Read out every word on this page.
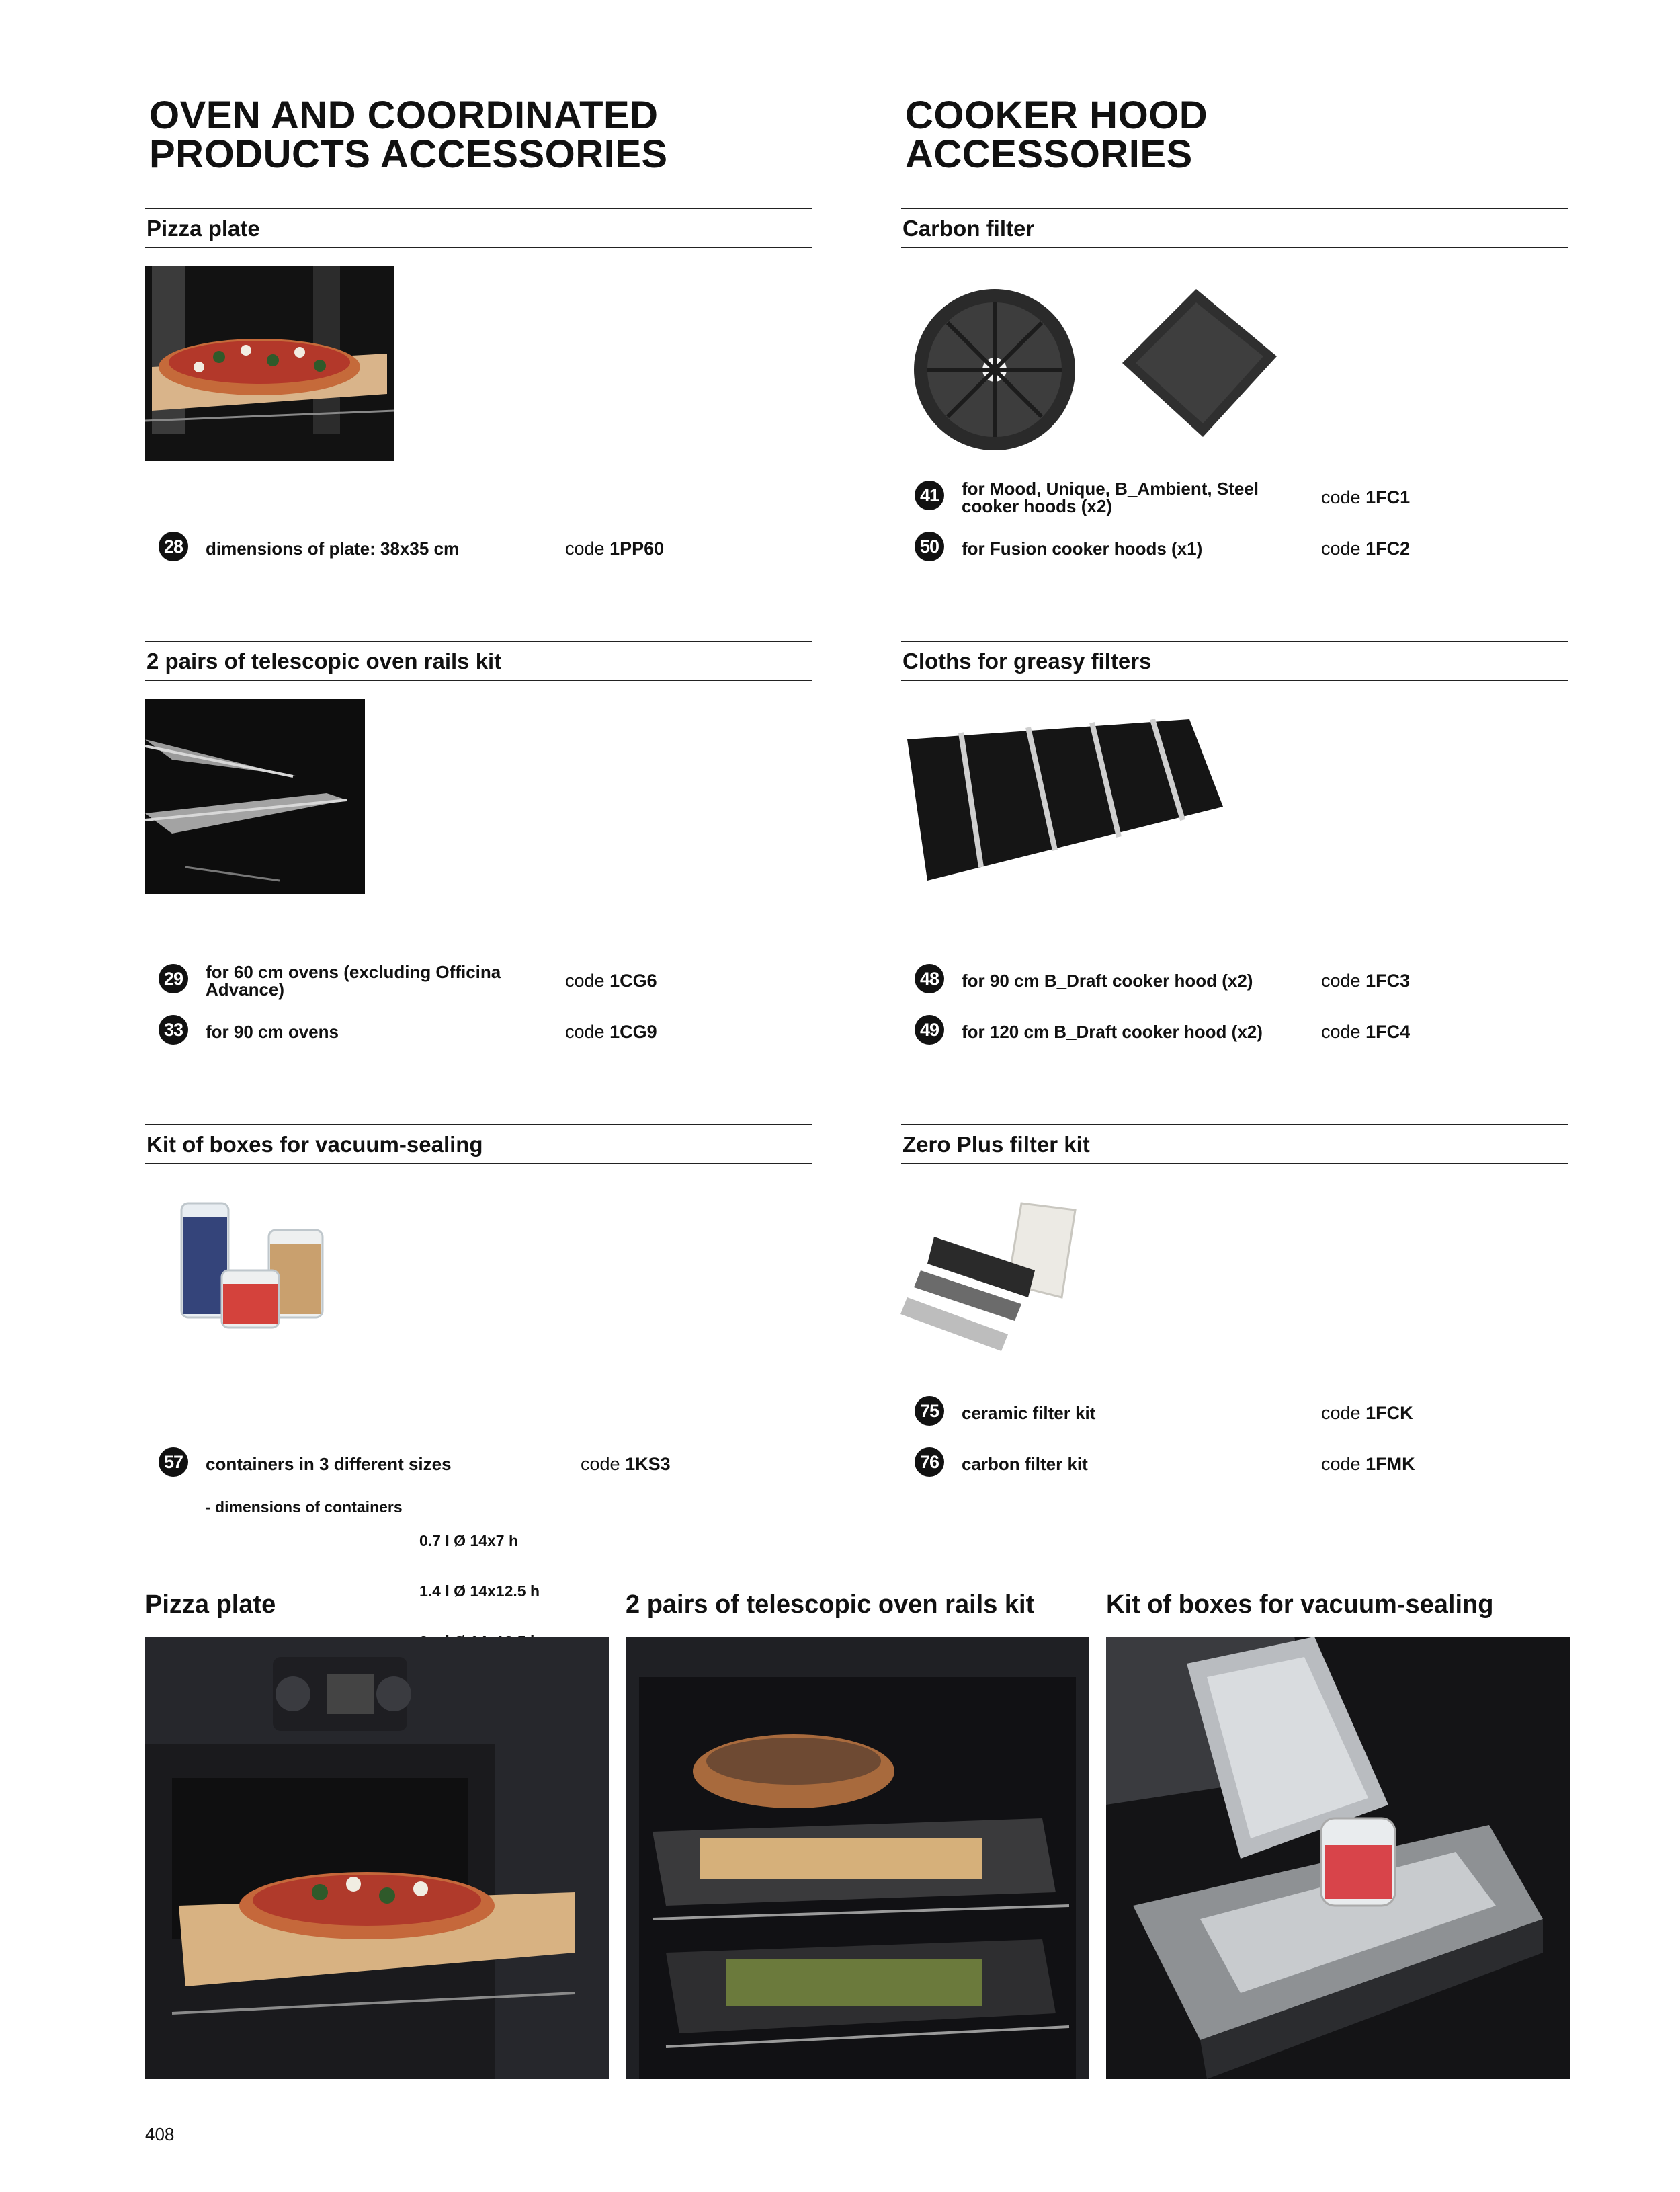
OVEN AND COORDINATED
PRODUCTS ACCESSORIES
COOKER HOOD
ACCESSORIES
Pizza plate
28	dimensions of plate: 38x35 cm	code 1PP60
2 pairs of telescopic oven rails kit
29	for 60 cm ovens (excluding Officina Advance)	code 1CG6
33	for 90 cm ovens	code 1CG9
Kit of boxes for vacuum-sealing
57	containers in 3 different sizes	code 1KS3
- dimensions of containers

0.7 l Ø 14x7 h

1.4 l Ø 14x12.5 h

Carbon filter
41	for Mood, Unique, B_Ambient, Steel cooker hoods (x2)	code 1FC1
50	for Fusion cooker hoods (x1)	code 1FC2
Cloths for greasy filters
48	for 90 cm B_Draft cooker hood (x2)	code 1FC3
49	for 120 cm B_Draft cooker hood (x2)	code 1FC4
Zero Plus filter kit
75	ceramic filter kit	code 1FCK
76	carbon filter kit	code 1FMK
Pizza plate	2 pairs of telescopic oven rails kit	Kit of boxes for vacuum-sealing
408
